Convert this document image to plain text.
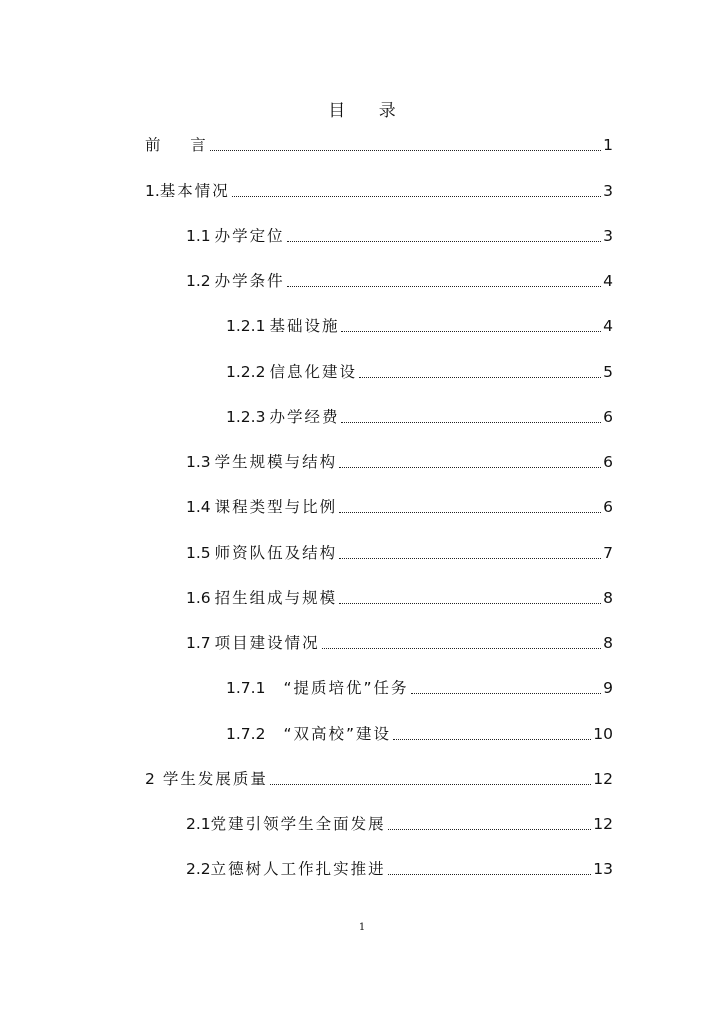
目 录
前    言	1
1. 基本情况	3
1.1 办学定位	3
1.2 办学条件	4
1.2.1 基础设施	4
1.2.2 信息化建设	5
1.2.3 办学经费	6
1.3 学生规模与结构	6
1.4 课程类型与比例	6
1.5 师资队伍及结构	7
1.6 招生组成与规模	8
1.7 项目建设情况	8
1.7.1 “提质培优”任务	9
1.7.2 “双高校”建设	10
2 学生发展质量	12
2.1 党建引领学生全面发展	12
2.2 立德树人工作扎实推进	13
1
